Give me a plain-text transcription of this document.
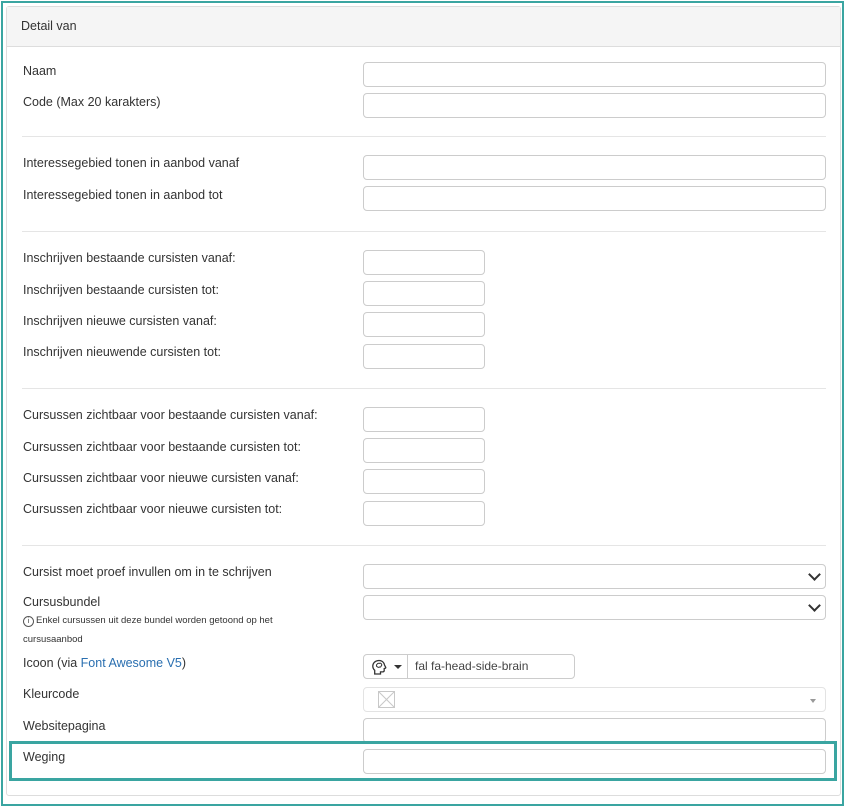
Detail van
Naam
Code (Max 20 karakters)
Interessegebied tonen in aanbod vanaf
Interessegebied tonen in aanbod tot
Inschrijven bestaande cursisten vanaf:
Inschrijven bestaande cursisten tot:
Inschrijven nieuwe cursisten vanaf:
Inschrijven nieuwende cursisten tot:
Cursussen zichtbaar voor bestaande cursisten vanaf:
Cursussen zichtbaar voor bestaande cursisten tot:
Cursussen zichtbaar voor nieuwe cursisten vanaf:
Cursussen zichtbaar voor nieuwe cursisten tot:
Cursist moet proef invullen om in te schrijven
Cursusbundel
i Enkel cursussen uit deze bundel worden getoond op het
cursusaanbod
Icoon (via Font Awesome V5)	fal fa-head-side-brain
Kleurcode
Websitepagina
Weging
